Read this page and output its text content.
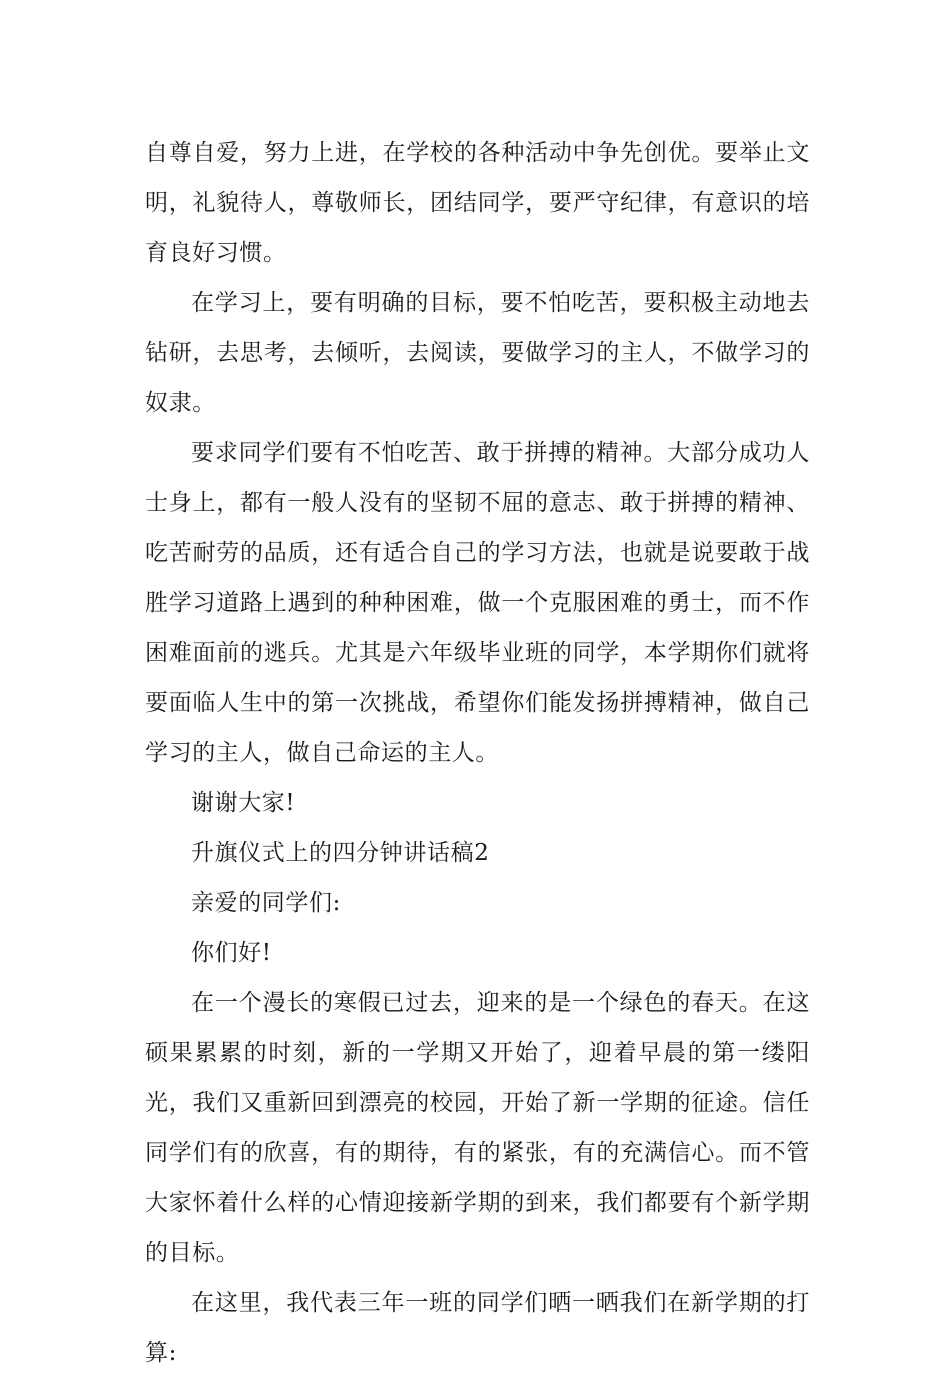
自尊自爱，努力上进，在学校的各种活动中争先创优。要举止文明，礼貌待人，尊敬师长，团结同学，要严守纪律，有意识的培育良好习惯。

在学习上，要有明确的目标，要不怕吃苦，要积极主动地去钻研，去思考，去倾听，去阅读，要做学习的主人，不做学习的奴隶。

要求同学们要有不怕吃苦、敢于拼搏的精神。大部分成功人士身上，都有一般人没有的坚韧不屈的意志、敢于拼搏的精神、吃苦耐劳的品质，还有适合自己的学习方法，也就是说要敢于战胜学习道路上遇到的种种困难，做一个克服困难的勇士，而不作困难面前的逃兵。尤其是六年级毕业班的同学，本学期你们就将要面临人生中的第一次挑战，希望你们能发扬拼搏精神，做自己学习的主人，做自己命运的主人。

谢谢大家!

升旗仪式上的四分钟讲话稿2

亲爱的同学们:

你们好!

在一个漫长的寒假已过去，迎来的是一个绿色的春天。在这硕果累累的时刻，新的一学期又开始了，迎着早晨的第一缕阳光，我们又重新回到漂亮的校园，开始了新一学期的征途。信任同学们有的欣喜，有的期待，有的紧张，有的充满信心。而不管大家怀着什么样的心情迎接新学期的到来，我们都要有个新学期的目标。

在这里，我代表三年一班的同学们晒一晒我们在新学期的打算:
